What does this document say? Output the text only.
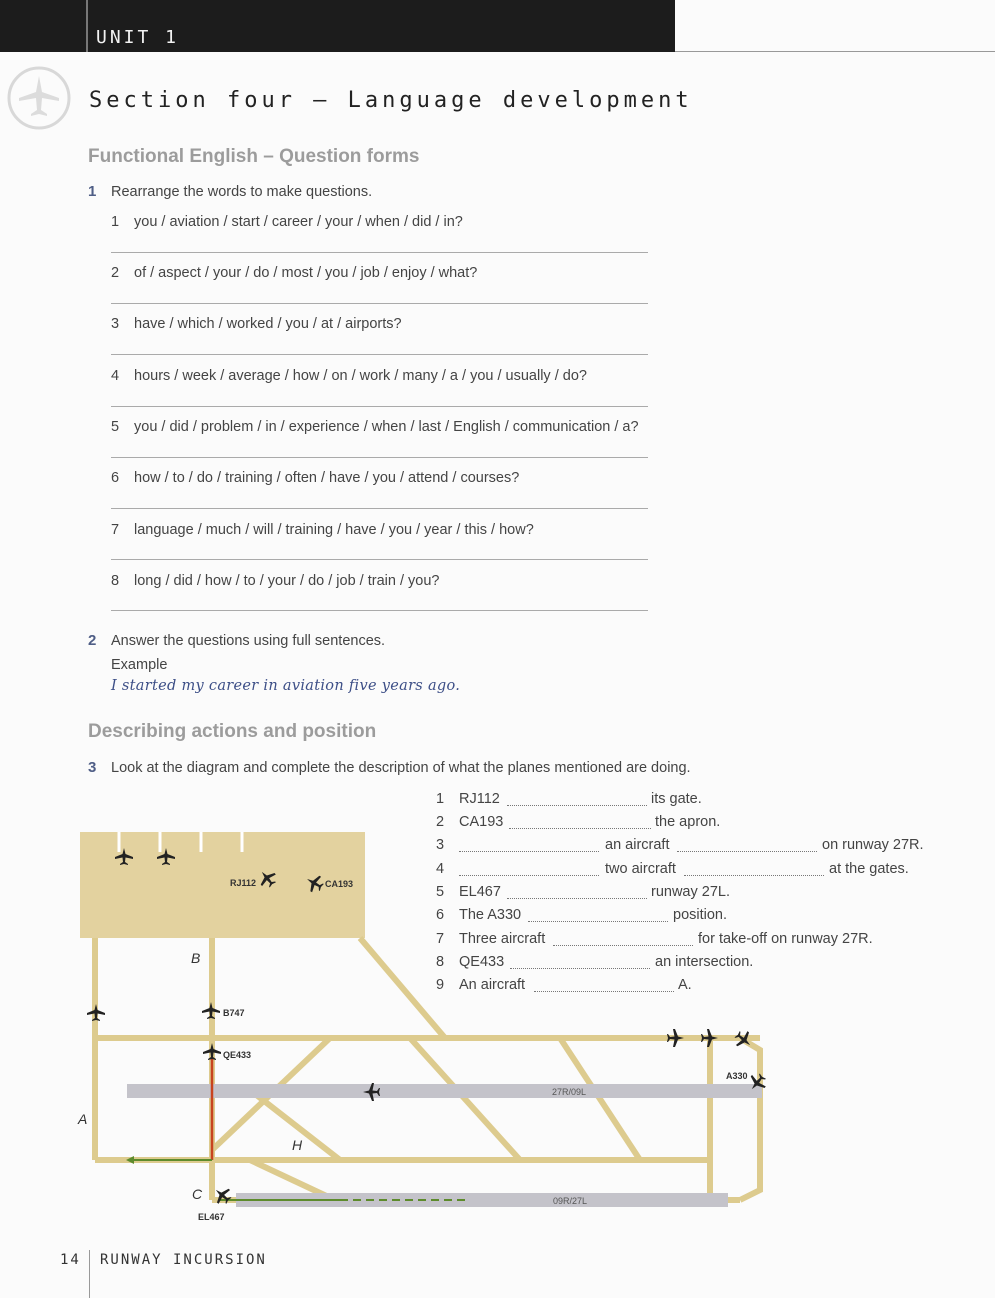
UNIT 1
Section four – Language development
Functional English – Question forms
1 Rearrange the words to make questions.
1 you / aviation / start / career / your / when / did / in?
2 of / aspect / your / do / most / you / job / enjoy / what?
3 have / which / worked / you / at / airports?
4 hours / week / average / how / on / work / many / a / you / usually / do?
5 you / did / problem / in / experience / when / last / English / communication / a?
6 how / to / do / training / often / have / you / attend / courses?
7 language / much / will / training / have / you / year / this / how?
8 long / did / how / to / your / do / job / train / you?
2 Answer the questions using full sentences.
Example
I started my career in aviation five years ago.
Describing actions and position
3 Look at the diagram and complete the description of what the planes mentioned are doing.
1 RJ112	its gate.
2 CA193	the apron.
3	an aircraft	on runway 27R.
4	two aircraft	at the gates.
5 EL467	runway 27L.
6 The A330	position.
7 Three aircraft	for take-off on runway 27R.
8 QE433	an intersection.
9 An aircraft	A.
B
A
H
C
RJ112	CA193
B747
QE433
A330
EL467
27R/09L
09R/27L
14 RUNWAY INCURSION
